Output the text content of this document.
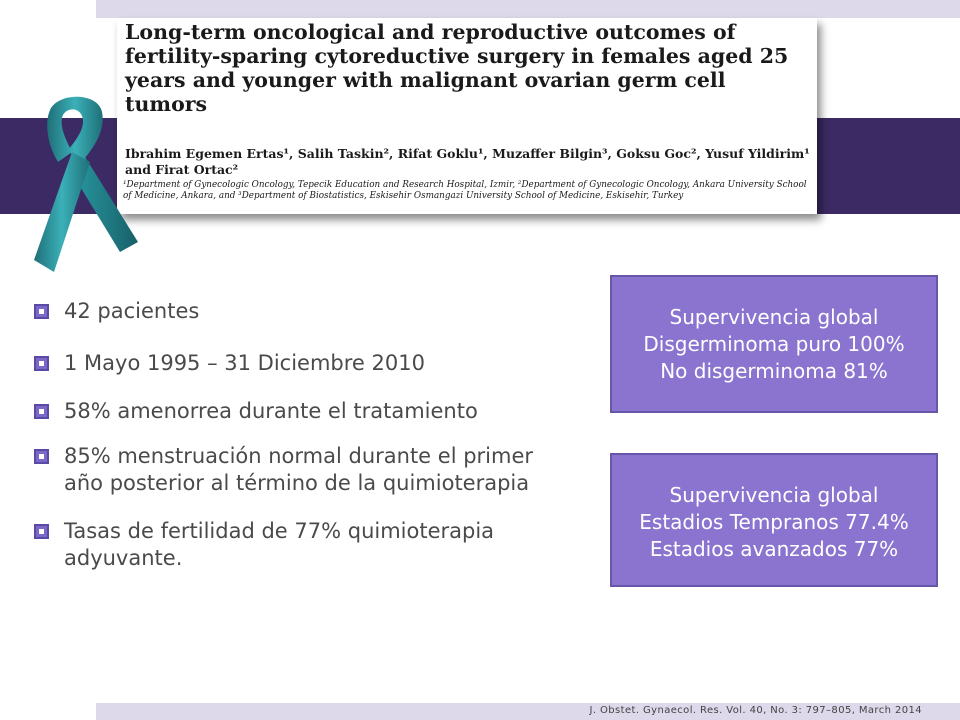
Long-term oncological and reproductive outcomes of fertility-sparing cytoreductive surgery in females aged 25 years and younger with malignant ovarian germ cell tumors

Ibrahim Egemen Ertas¹, Salih Taskin², Rifat Goklu¹, Muzaffer Bilgin³, Goksu Goc², Yusuf Yildirim¹ and Firat Ortac²

¹Department of Gynecologic Oncology, Tepecik Education and Research Hospital, Izmir, ²Department of Gynecologic Oncology, Ankara University School of Medicine, Ankara, and ³Department of Biostatistics, Eskisehir Osmangazi University School of Medicine, Eskisehir, Turkey

42 pacientes
1 Mayo 1995 – 31 Diciembre 2010
58% amenorrea durante el tratamiento
85% menstruación normal durante el primer año posterior al término de la quimioterapia
Tasas de fertilidad de 77% quimioterapia adyuvante.
Supervivencia global
Disgerminoma puro 100%
No disgerminoma 81%
Supervivencia global
Estadios Tempranos 77.4%
Estadios avanzados 77%
J. Obstet. Gynaecol. Res. Vol. 40, No. 3: 797–805, March 2014
